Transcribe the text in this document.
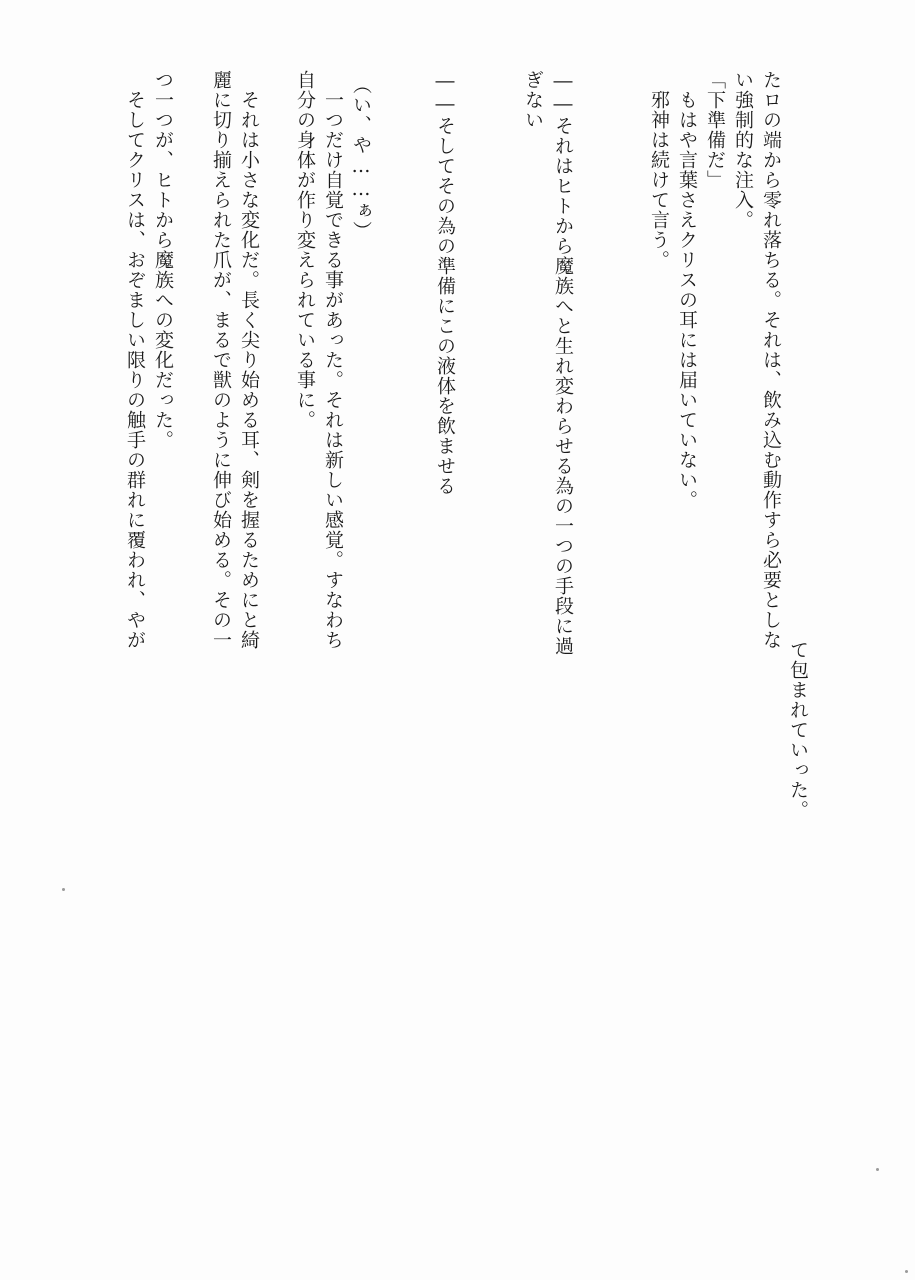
て包まれていった。
たロの端から零れ落ちる。それは、飲み込む動作すら必要としな
い強制的な注入。
「下準備だ」
　もはや言葉さえクリスの耳には届いていない。
　邪神は続けて言う。
――それはヒトから魔族へと生れ変わらせる為の一つの手段に過
ぎない
――そしてその為の準備にこの液体を飲ませる
（い、や……ぁ）
　一つだけ自覚できる事があった。それは新しい感覚。すなわち
自分の身体が作り変えられている事に。
　それは小さな変化だ。長く尖り始める耳、剣を握るためにと綺
麗に切り揃えられた爪が、まるで獣のように伸び始める。その一
つ一つが、ヒトから魔族への変化だった。
　そしてクリスは、おぞましい限りの触手の群れに覆われ、やが
